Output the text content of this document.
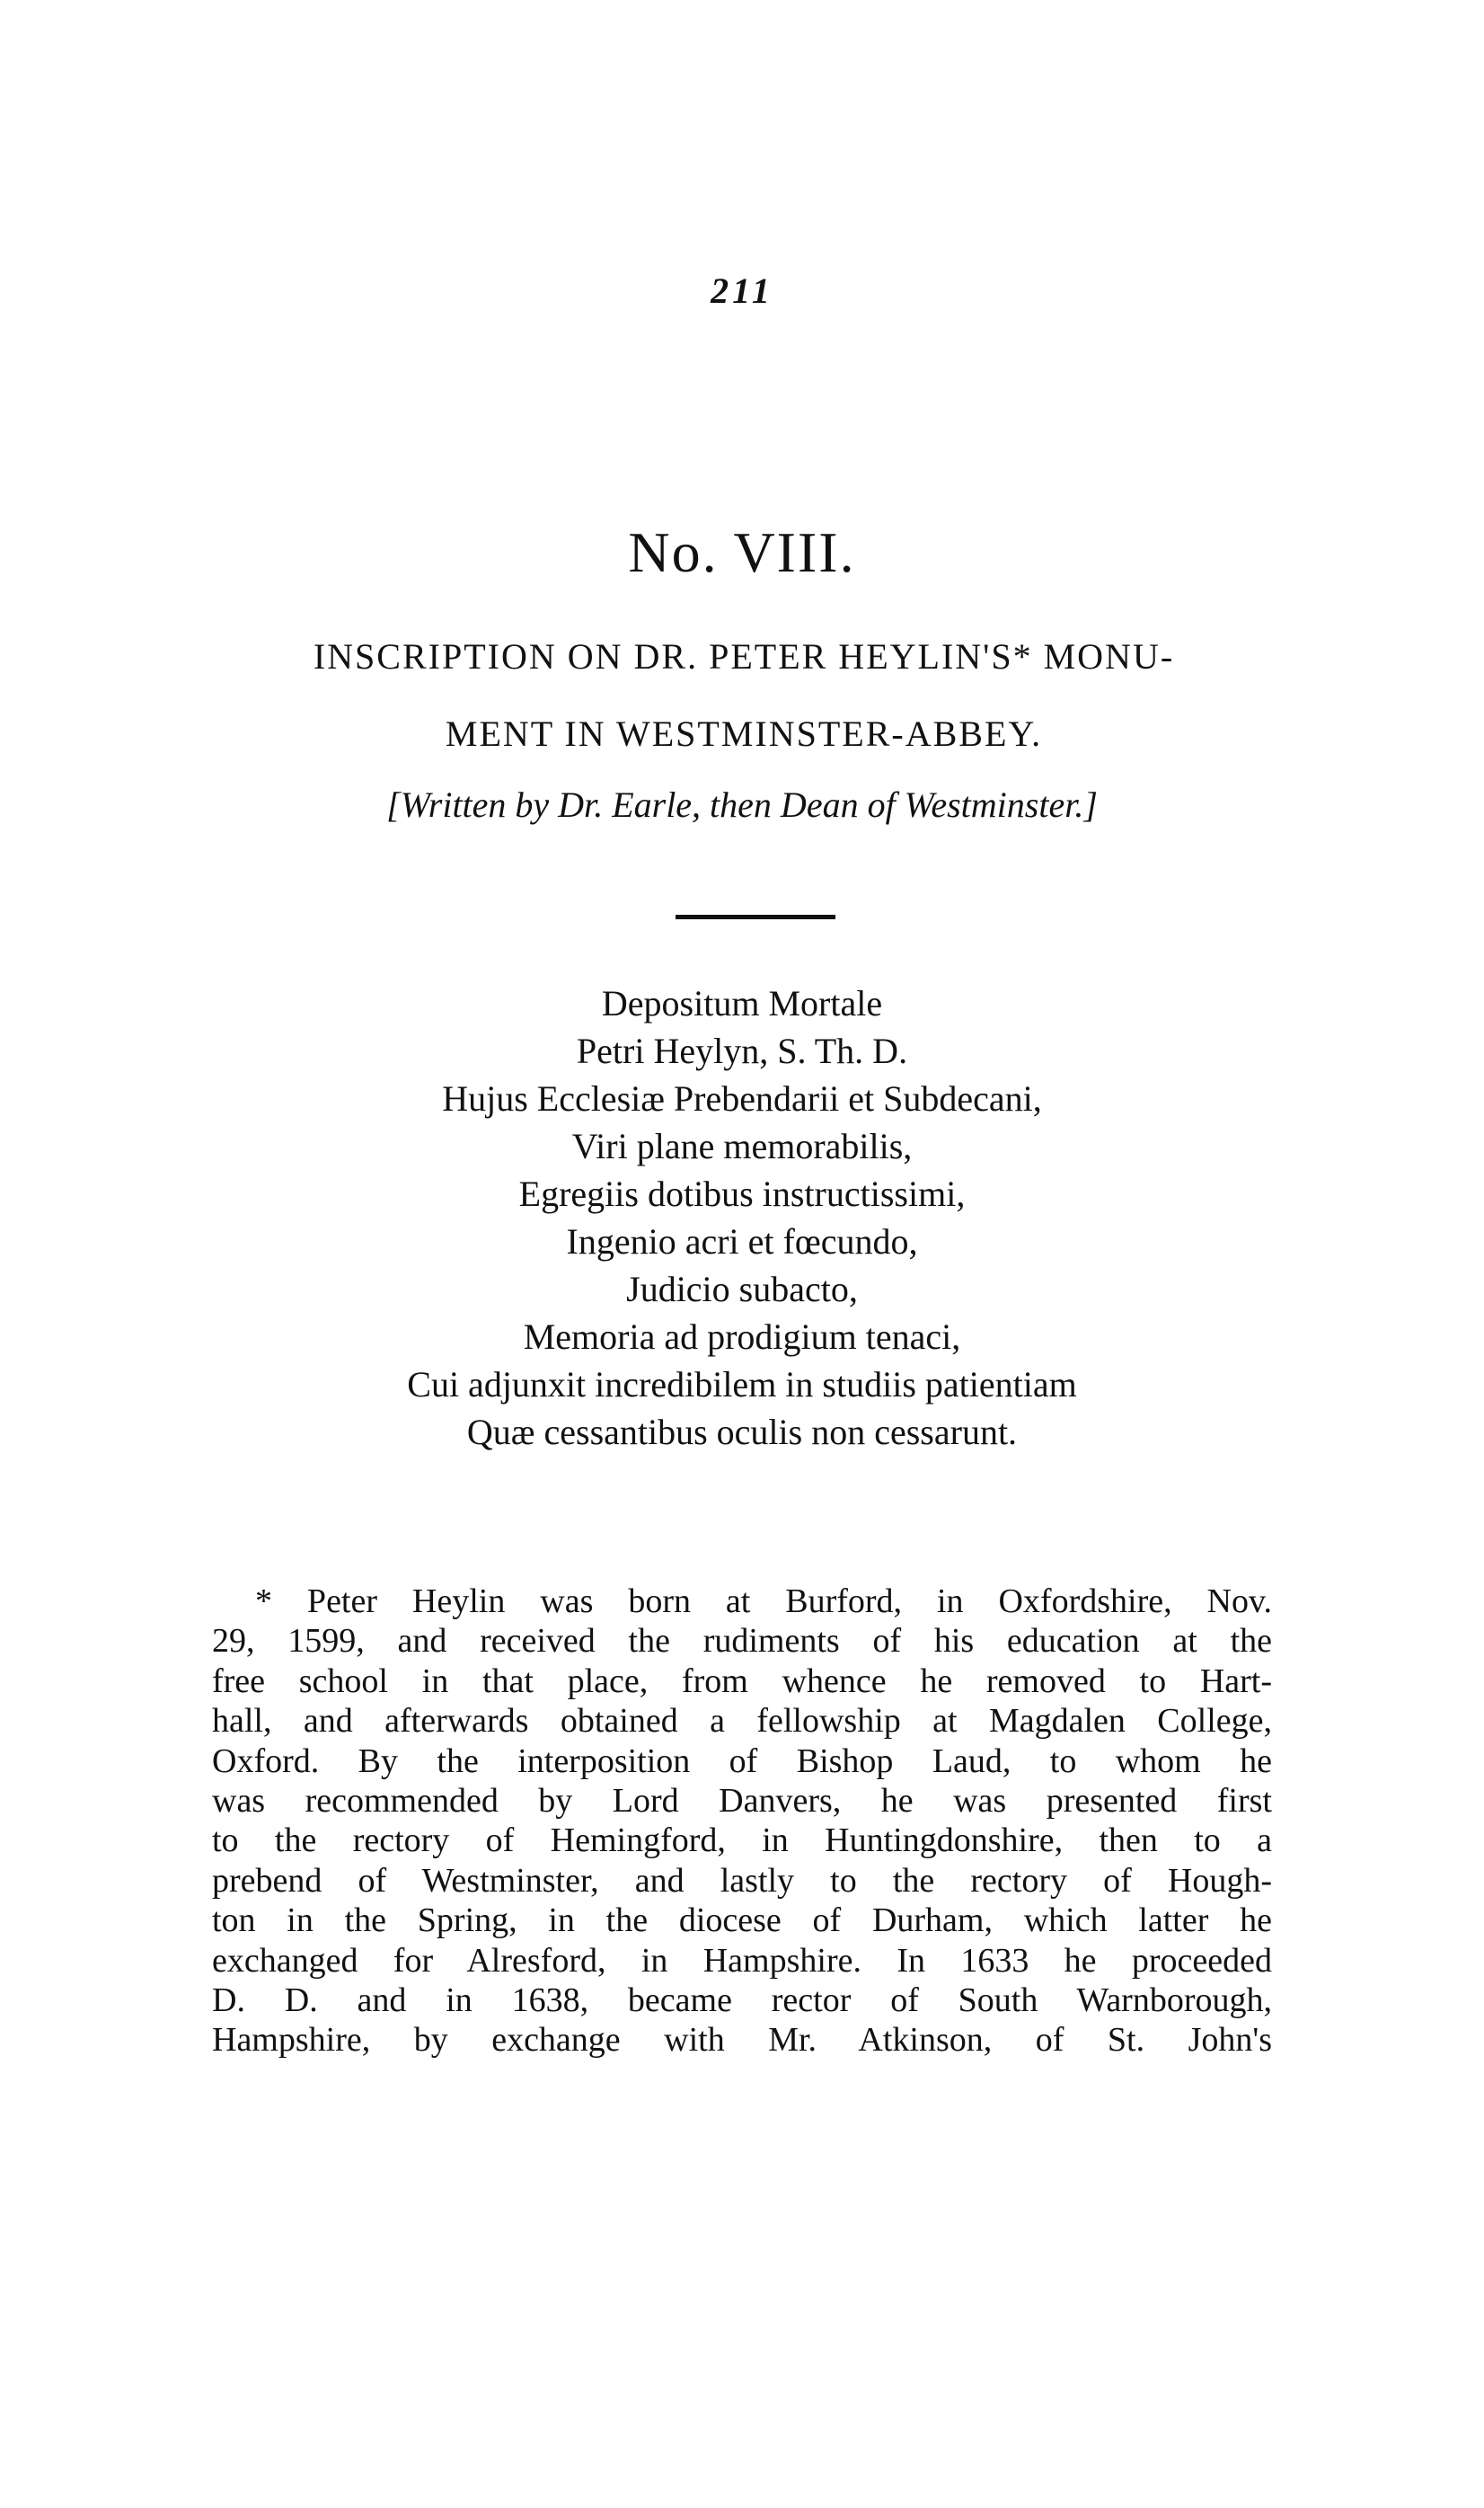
211
No. VIII.
INSCRIPTION ON DR. PETER HEYLIN'S* MONU-
MENT IN WESTMINSTER-ABBEY.
[Written by Dr. Earle, then Dean of Westminster.]
Depositum Mortale
Petri Heylyn, S. Th. D.
Hujus Ecclesiæ Prebendarii et Subdecani,
Viri plane memorabilis,
Egregiis dotibus instructissimi,
Ingenio acri et fœcundo,
Judicio subacto,
Memoria ad prodigium tenaci,
Cui adjunxit incredibilem in studiis patientiam
Quæ cessantibus oculis non cessarunt.
* Peter Heylin was born at Burford, in Oxfordshire, Nov.
29, 1599, and received the rudiments of his education at the
free school in that place, from whence he removed to Hart-
hall, and afterwards obtained a fellowship at Magdalen College,
Oxford. By the interposition of Bishop Laud, to whom he
was recommended by Lord Danvers, he was presented first
to the rectory of Hemingford, in Huntingdonshire, then to a
prebend of Westminster, and lastly to the rectory of Hough-
ton in the Spring, in the diocese of Durham, which latter he
exchanged for Alresford, in Hampshire. In 1633 he proceeded
D. D. and in 1638, became rector of South Warnborough,
Hampshire, by exchange with Mr. Atkinson, of St. John's
